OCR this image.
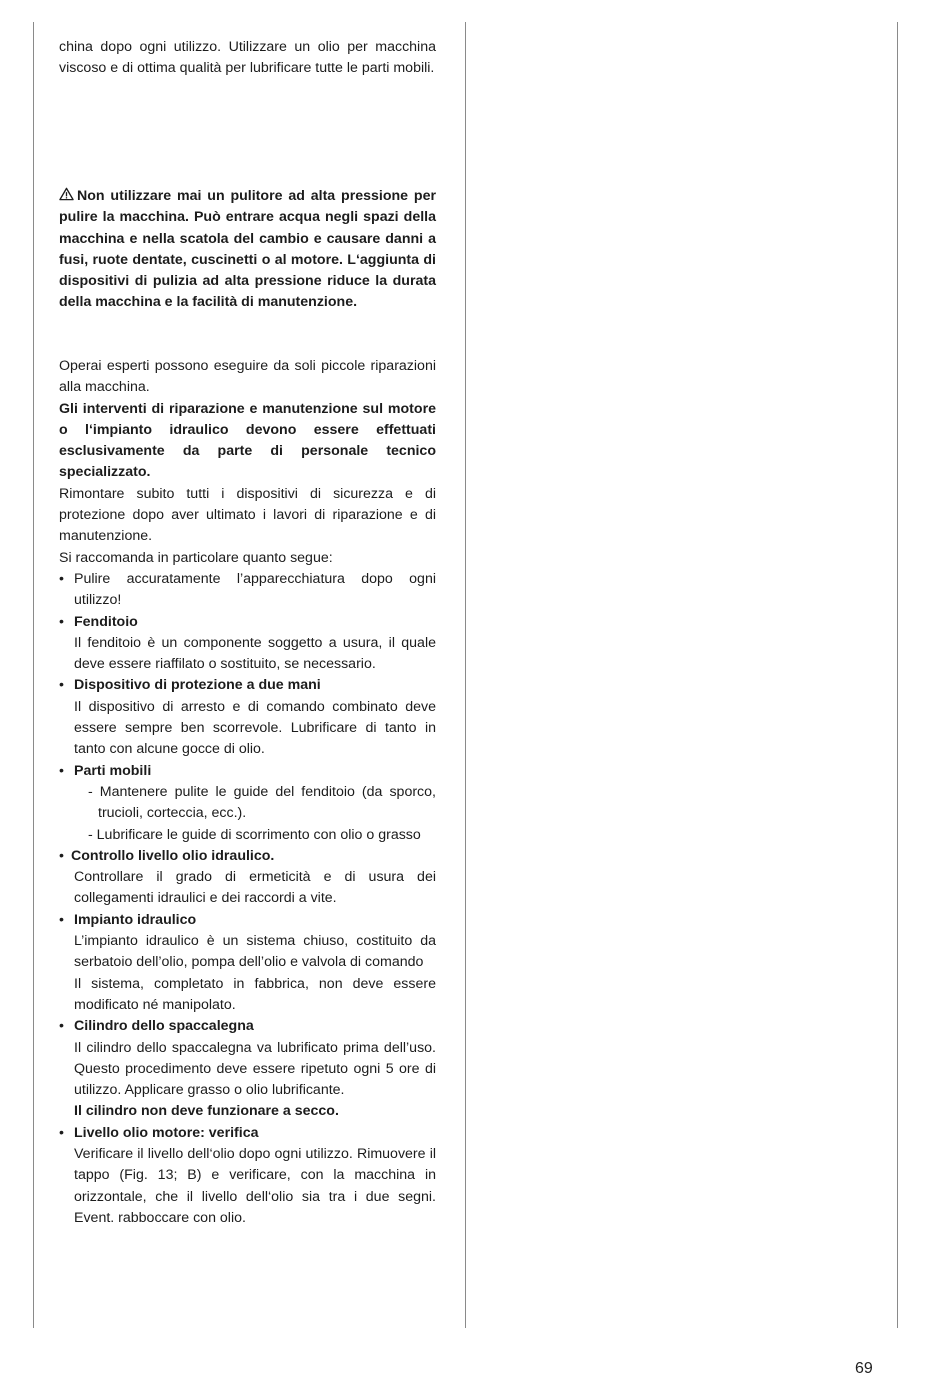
china dopo ogni utilizzo. Utilizzare un olio per macchina viscoso e di ottima qualità per lubrificare tutte le parti mobili.

Non utilizzare mai un pulitore ad alta pressione per pulire la macchina. Può entrare acqua negli spazi della macchina e nella scatola del cambio e causare danni a fusi, ruote dentate, cuscinetti o al motore. L‘aggiunta di dispositivi di pulizia ad alta pressione riduce la durata della macchina e la facilità di manutenzione.

Operai esperti possono eseguire da soli piccole riparazioni alla macchina.

Gli interventi di riparazione e manutenzione sul motore o l‘impianto idraulico devono essere effettuati esclusivamente da parte di personale tecnico specializzato.

Rimontare subito tutti i dispositivi di sicurezza e di protezione dopo aver ultimato i lavori di riparazione e di manutenzione.

Si raccomanda in particolare quanto segue:

• Pulire accuratamente l’apparecchiatura dopo ogni utilizzo!
• Fenditoio
Il fenditoio è un componente soggetto a usura, il quale deve essere riaffilato o sostituito, se necessario.
• Dispositivo di protezione a due mani
Il dispositivo di arresto e di comando combinato deve essere sempre ben scorrevole. Lubrificare di tanto in tanto con alcune gocce di olio.
• Parti mobili
- Mantenere pulite le guide del fenditoio (da sporco, trucioli, corteccia, ecc.).
- Lubrificare le guide di scorrimento con olio o grasso
• Controllo livello olio idraulico.
Controllare il grado di ermeticità e di usura dei collegamenti idraulici e dei raccordi a vite.
• Impianto idraulico
L’impianto idraulico è un sistema chiuso, costituito da serbatoio dell’olio, pompa dell’olio e valvola di comando
Il sistema, completato in fabbrica, non deve essere modificato né manipolato.
• Cilindro dello spaccalegna
Il cilindro dello spaccalegna va lubrificato prima dell’uso. Questo procedimento deve essere ripetuto ogni 5 ore di utilizzo. Applicare grasso o olio lubrificante.
Il cilindro non deve funzionare a secco.
• Livello olio motore: verifica
Verificare il livello dell‘olio dopo ogni utilizzo. Rimuovere il tappo (Fig. 13; B) e verificare, con la macchina in orizzontale, che il livello dell‘olio sia tra i due segni. Event. rabboccare con olio.
69
